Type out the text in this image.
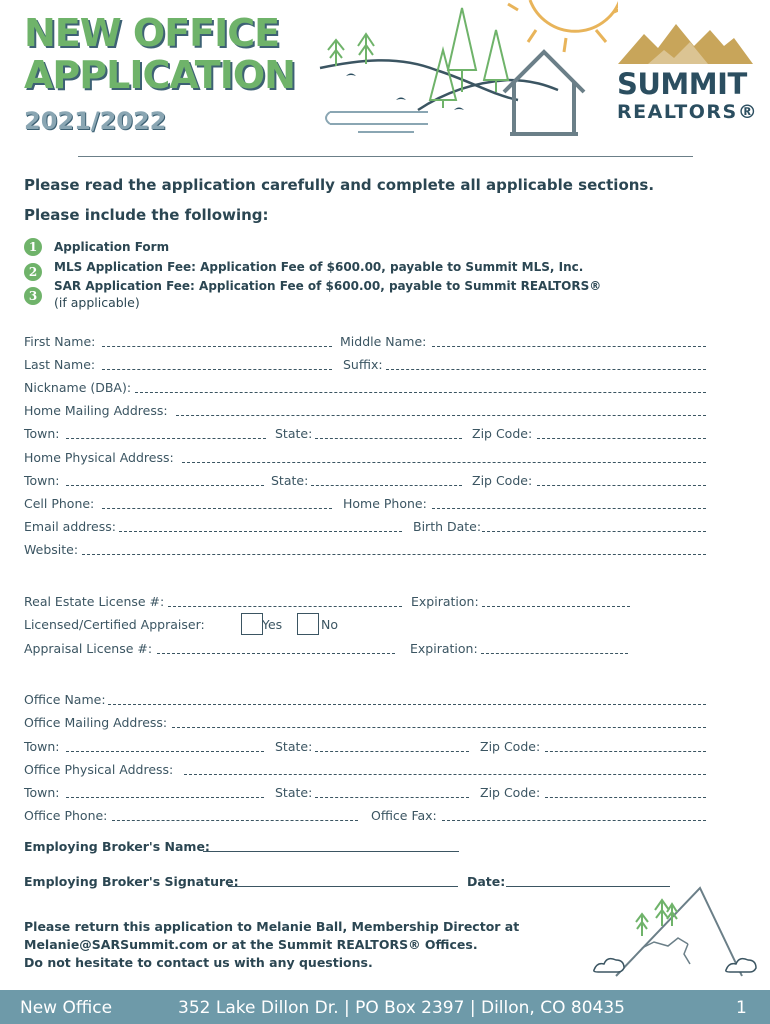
NEW OFFICE
APPLICATION
2021/2022
SUMMIT
REALTORS®
Please read the application carefully and complete all applicable sections.
Please include the following:
1	Application Form
2	MLS Application Fee: Application Fee of $600.00, payable to Summit MLS, Inc.
3
SAR Application Fee: Application Fee of $600.00, payable to Summit REALTORS®
(if applicable)
First Name:	Middle Name:
Last Name:	Suffix:
Nickname (DBA):
Home Mailing Address:
Town:	State:	Zip Code:
Home Physical Address:
Town:	State:	Zip Code:
Cell Phone:	Home Phone:
Email address:	Birth Date:
Website:
Real Estate License #:	Expiration:
Licensed/Certified Appraiser:	Yes	No
Appraisal License #:	Expiration:
Office Name:
Office Mailing Address:
Town:	State:	Zip Code:
Office Physical Address:
Town:	State:	Zip Code:
Office Phone:	Office Fax:
Employing Broker's Name:
Employing Broker's Signature:	Date:
Please return this application to Melanie Ball, Membership Director at
Melanie@SARSummit.com or at the Summit REALTORS® Offices.
Do not hesitate to contact us with any questions.
New Office	352 Lake Dillon Dr. | PO Box 2397 | Dillon, CO 80435	1
